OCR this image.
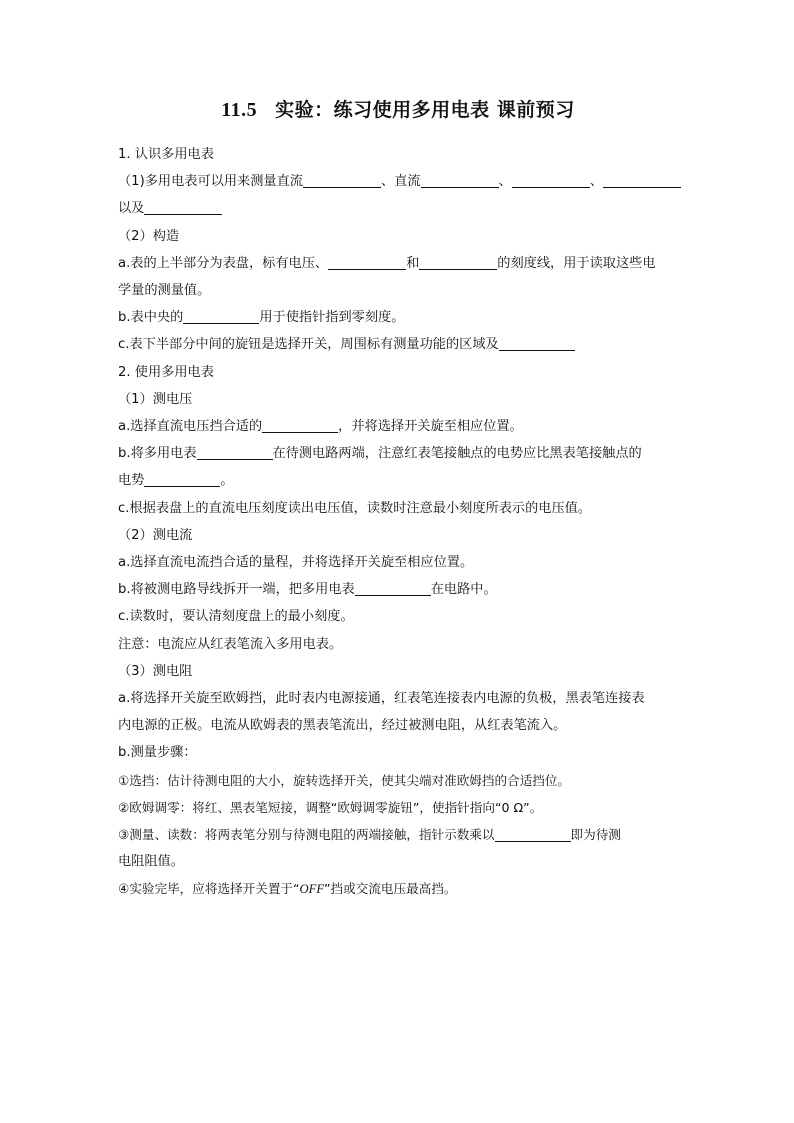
11.5 实验：练习使用多用电表 课前预习
1. 认识多用电表
（1)多用电表可以用来测量直流	、直流	、	、
以及
（2）构造
a.表的上半部分为表盘，标有电压、	和	的刻度线，用于读取这些电
学量的测量值。
b.表中央的	用于使指针指到零刻度。
c.表下半部分中间的旋钮是选择开关，周围标有测量功能的区域及
2. 使用多用电表
（1）测电压
a.选择直流电压挡合适的	，并将选择开关旋至相应位置。
b.将多用电表	在待测电路两端，注意红表笔接触点的电势应比黑表笔接触点的
电势	。
c.根据表盘上的直流电压刻度读出电压值，读数时注意最小刻度所表示的电压值。
（2）测电流
a.选择直流电流挡合适的量程，并将选择开关旋至相应位置。
b.将被测电路导线拆开一端，把多用电表	在电路中。
c.读数时，要认清刻度盘上的最小刻度。
注意：电流应从红表笔流入多用电表。
（3）测电阻
a.将选择开关旋至欧姆挡，此时表内电源接通，红表笔连接表内电源的负极，黑表笔连接表
内电源的正极。电流从欧姆表的黑表笔流出，经过被测电阻，从红表笔流入。
b.测量步骤：
①选挡：估计待测电阻的大小，旋转选择开关，使其尖端对准欧姆挡的合适挡位。
②欧姆调零：将红、黑表笔短接，调整“欧姆调零旋钮”，使指针指向“0 Ω”。
③测量、读数：将两表笔分别与待测电阻的两端接触，指针示数乘以	即为待测
电阻阻值。
④实验完毕，应将选择开关置于“OFF”挡或交流电压最高挡。
